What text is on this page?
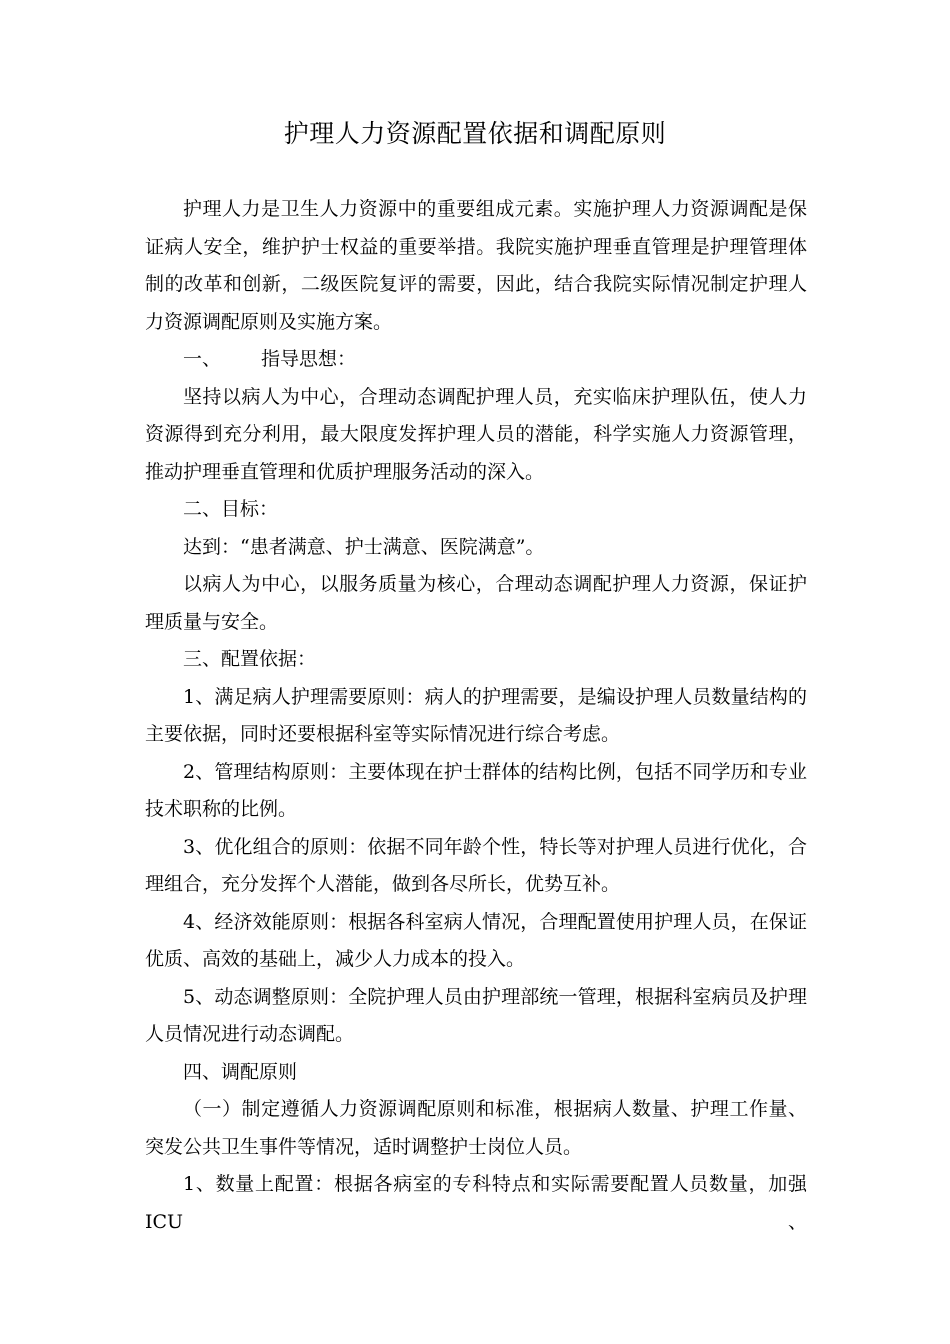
护理人力资源配置依据和调配原则

护理人力是卫生人力资源中的重要组成元素。实施护理人力资源调配是保证病人安全，维护护士权益的重要举措。我院实施护理垂直管理是护理管理体制的改革和创新，二级医院复评的需要，因此，结合我院实际情况制定护理人力资源调配原则及实施方案。

一、 指导思想：

坚持以病人为中心，合理动态调配护理人员，充实临床护理队伍，使人力资源得到充分利用，最大限度发挥护理人员的潜能，科学实施人力资源管理，推动护理垂直管理和优质护理服务活动的深入。

二、目标：

达到：“患者满意、护士满意、医院满意”。

以病人为中心，以服务质量为核心，合理动态调配护理人力资源，保证护理质量与安全。

三、配置依据：

1、满足病人护理需要原则：病人的护理需要，是编设护理人员数量结构的主要依据，同时还要根据科室等实际情况进行综合考虑。

2、管理结构原则：主要体现在护士群体的结构比例，包括不同学历和专业技术职称的比例。

3、优化组合的原则：依据不同年龄个性，特长等对护理人员进行优化，合理组合，充分发挥个人潜能，做到各尽所长，优势互补。

4、经济效能原则：根据各科室病人情况，合理配置使用护理人员，在保证优质、高效的基础上，减少人力成本的投入。

5、动态调整原则：全院护理人员由护理部统一管理，根据科室病员及护理人员情况进行动态调配。

四、调配原则

（一）制定遵循人力资源调配原则和标准，根据病人数量、护理工作量、突发公共卫生事件等情况，适时调整护士岗位人员。

1、数量上配置：根据各病室的专科特点和实际需要配置人员数量，加强ICU、
